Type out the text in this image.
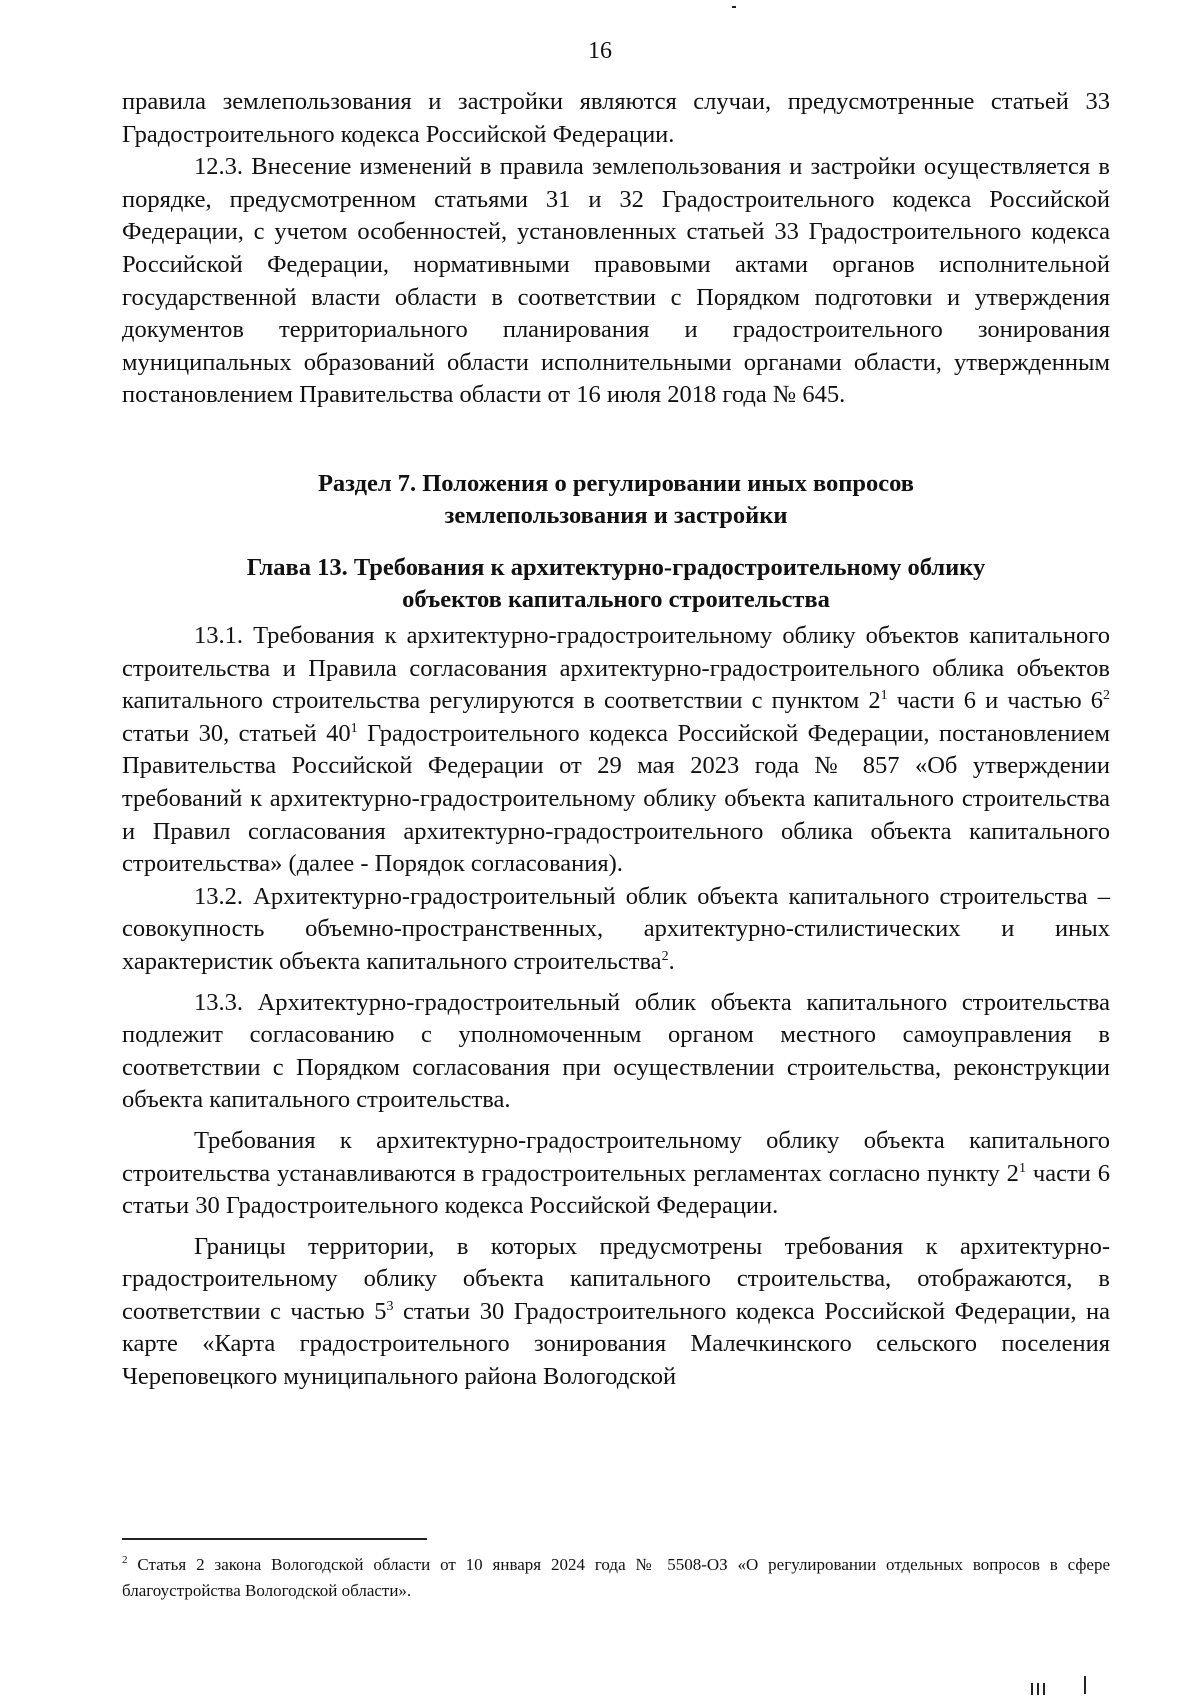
16

правила землепользования и застройки являются случаи, предусмотренные статьей 33 Градостроительного кодекса Российской Федерации.

12.3. Внесение изменений в правила землепользования и застройки осуществляется в порядке, предусмотренном статьями 31 и 32 Градостроительного кодекса Российской Федерации, с учетом особенностей, установленных статьей 33 Градостроительного кодекса Российской Федерации, нормативными правовыми актами органов исполнительной государственной власти области в соответствии с Порядком подготовки и утверждения документов территориального планирования и градостроительного зонирования муниципальных образований области исполнительными органами области, утвержденным постановлением Правительства области от 16 июля 2018 года № 645.

Раздел 7. Положения о регулировании иных вопросов

землепользования и застройки

Глава 13. Требования к архитектурно-градостроительному облику

объектов капитального строительства

13.1. Требования к архитектурно-градостроительному облику объектов капитального строительства и Правила согласования архитектурно-градостроительного облика объектов капитального строительства регулируются в соответствии с пунктом $2^1$ части 6 и частью $6^2$ статьи 30, статьей $40^1$ Градостроительного кодекса Российской Федерации, постановлением Правительства Российской Федерации от 29 мая 2023 года № 857 «Об утверждении требований к архитектурно-градостроительному облику объекта капитального строительства и Правил согласования архитектурно-градостроительного облика объекта капитального строительства» (далее - Порядок согласования).

13.2. Архитектурно-градостроительный облик объекта капитального строительства – совокупность объемно-пространственных, архитектурно-стилистических и иных характеристик объекта капитального строительства$^2$.

13.3. Архитектурно-градостроительный облик объекта капитального строительства подлежит согласованию с уполномоченным органом местного самоуправления в соответствии с Порядком согласования при осуществлении строительства, реконструкции объекта капитального строительства.

Требования к архитектурно-градостроительному облику объекта капитального строительства устанавливаются в градостроительных регламентах согласно пункту $2^1$ части 6 статьи 30 Градостроительного кодекса Российской Федерации.

Границы территории, в которых предусмотрены требования к архитектурно-градостроительному облику объекта капитального строительства, отображаются, в соответствии с частью $5^3$ статьи 30 Градостроительного кодекса Российской Федерации, на карте «Карта градостроительного зонирования Малечкинского сельского поселения Череповецкого муниципального района Вологодской

$^2$ Статья 2 закона Вологодской области от 10 января 2024 года № 5508-ОЗ «О регулировании отдельных вопросов в сфере благоустройства Вологодской области».
